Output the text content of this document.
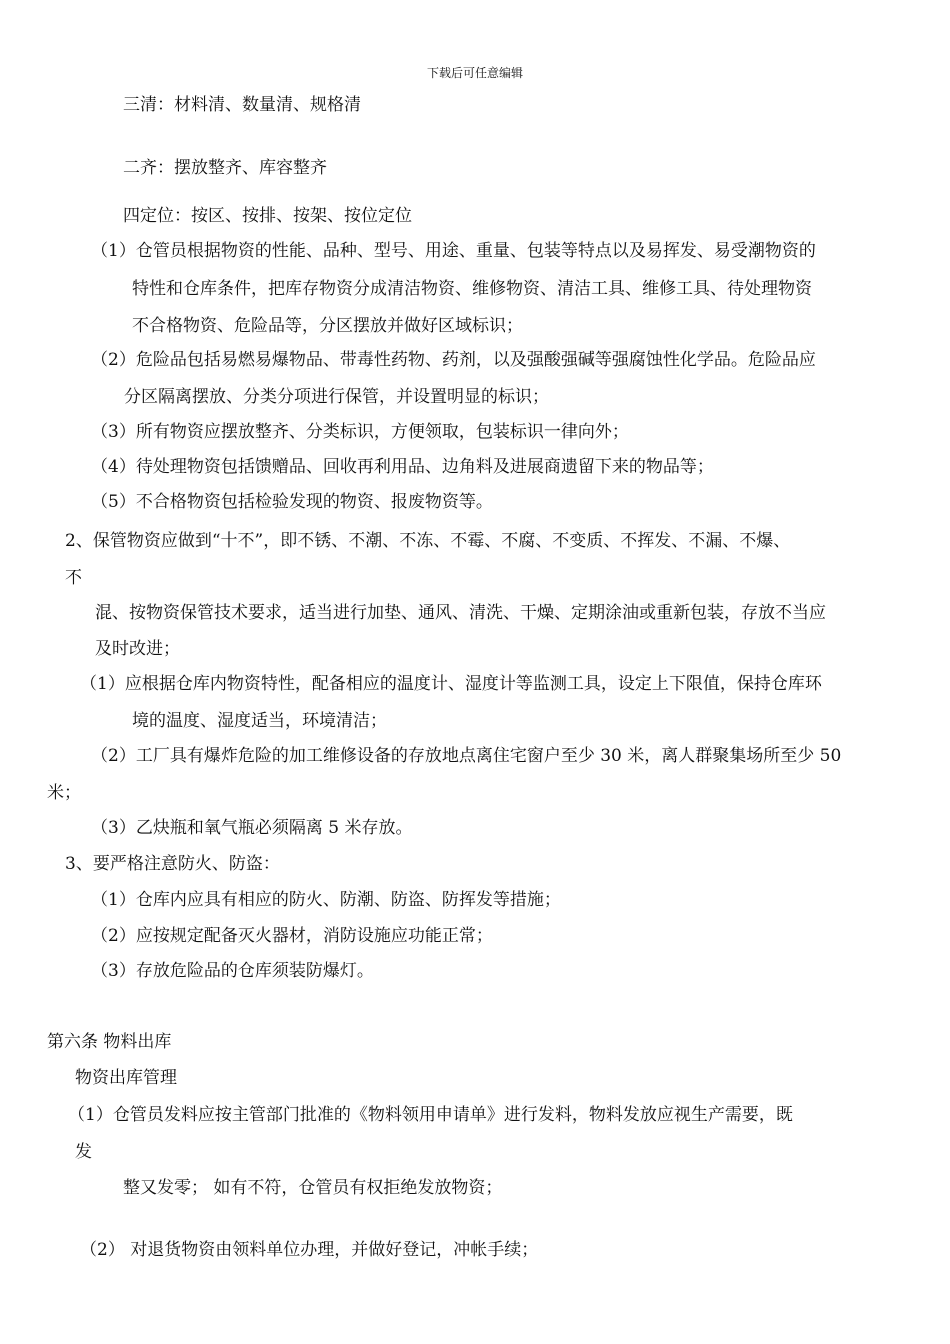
下载后可任意编辑
三清：材料清、数量清、规格清
二齐：摆放整齐、库容整齐
四定位：按区、按排、按架、按位定位
（1）仓管员根据物资的性能、品种、型号、用途、重量、包装等特点以及易挥发、易受潮物资的
特性和仓库条件，把库存物资分成清洁物资、维修物资、清洁工具、维修工具、待处理物资
不合格物资、危险品等，分区摆放并做好区域标识；
（2）危险品包括易燃易爆物品、带毒性药物、药剂，以及强酸强碱等强腐蚀性化学品。危险品应
分区隔离摆放、分类分项进行保管，并设置明显的标识；
（3）所有物资应摆放整齐、分类标识，方便领取，包装标识一律向外；
（4）待处理物资包括馈赠品、回收再利用品、边角料及进展商遗留下来的物品等；
（5）不合格物资包括检验发现的物资、报废物资等。
2、保管物资应做到“十不”，即不锈、不潮、不冻、不霉、不腐、不变质、不挥发、不漏、不爆、
不
混、按物资保管技术要求，适当进行加垫、通风、清洗、干燥、定期涂油或重新包装，存放不当应
及时改进；
（1）应根据仓库内物资特性，配备相应的温度计、湿度计等监测工具，设定上下限值，保持仓库环
境的温度、湿度适当，环境清洁；
（2）工厂具有爆炸危险的加工维修设备的存放地点离住宅窗户至少 30 米，离人群聚集场所至少 50
米；
（3）乙炔瓶和氧气瓶必须隔离 5 米存放。
3、要严格注意防火、防盗：
（1）仓库内应具有相应的防火、防潮、防盗、防挥发等措施；
（2）应按规定配备灭火器材，消防设施应功能正常；
（3）存放危险品的仓库须装防爆灯。
第六条 物料出库
物资出库管理
（1）仓管员发料应按主管部门批准的《物料领用申请单》进行发料，物料发放应视生产需要，既
发
整又发零； 如有不符，仓管员有权拒绝发放物资；
（2） 对退货物资由领料单位办理，并做好登记，冲帐手续；
